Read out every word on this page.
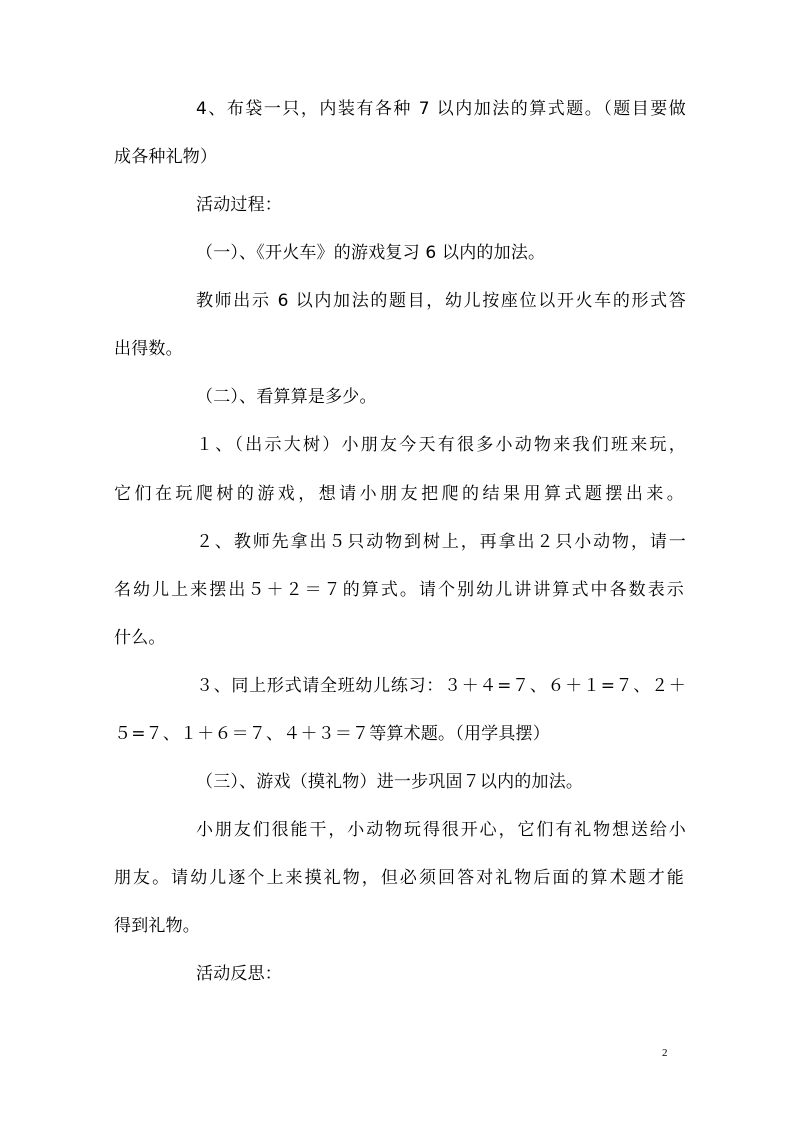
4、布袋一只，内装有各种 7 以内加法的算式题。（题目要做
成各种礼物）
活动过程：
（一）、《开火车》的游戏复习 6 以内的加法。
教师出示 6 以内加法的题目，幼儿按座位以开火车的形式答
出得数。
（二）、看算算是多少。
１、（出示大树）小朋友今天有很多小动物来我们班来玩，
它们在玩爬树的游戏，想请小朋友把爬的结果用算式题摆出来。
２、教师先拿出５只动物到树上，再拿出２只小动物，请一
名幼儿上来摆出５＋２＝７的算式。请个别幼儿讲讲算式中各数表示
什么。
３、同上形式请全班幼儿练习：３＋４=７、６＋１=７、２＋
５=７、１＋６＝７、４＋３＝７等算术题。（用学具摆）
（三）、游戏（摸礼物）进一步巩固７以内的加法。
小朋友们很能干，小动物玩得很开心，它们有礼物想送给小
朋友。请幼儿逐个上来摸礼物，但必须回答对礼物后面的算术题才能
得到礼物。
活动反思：
2
